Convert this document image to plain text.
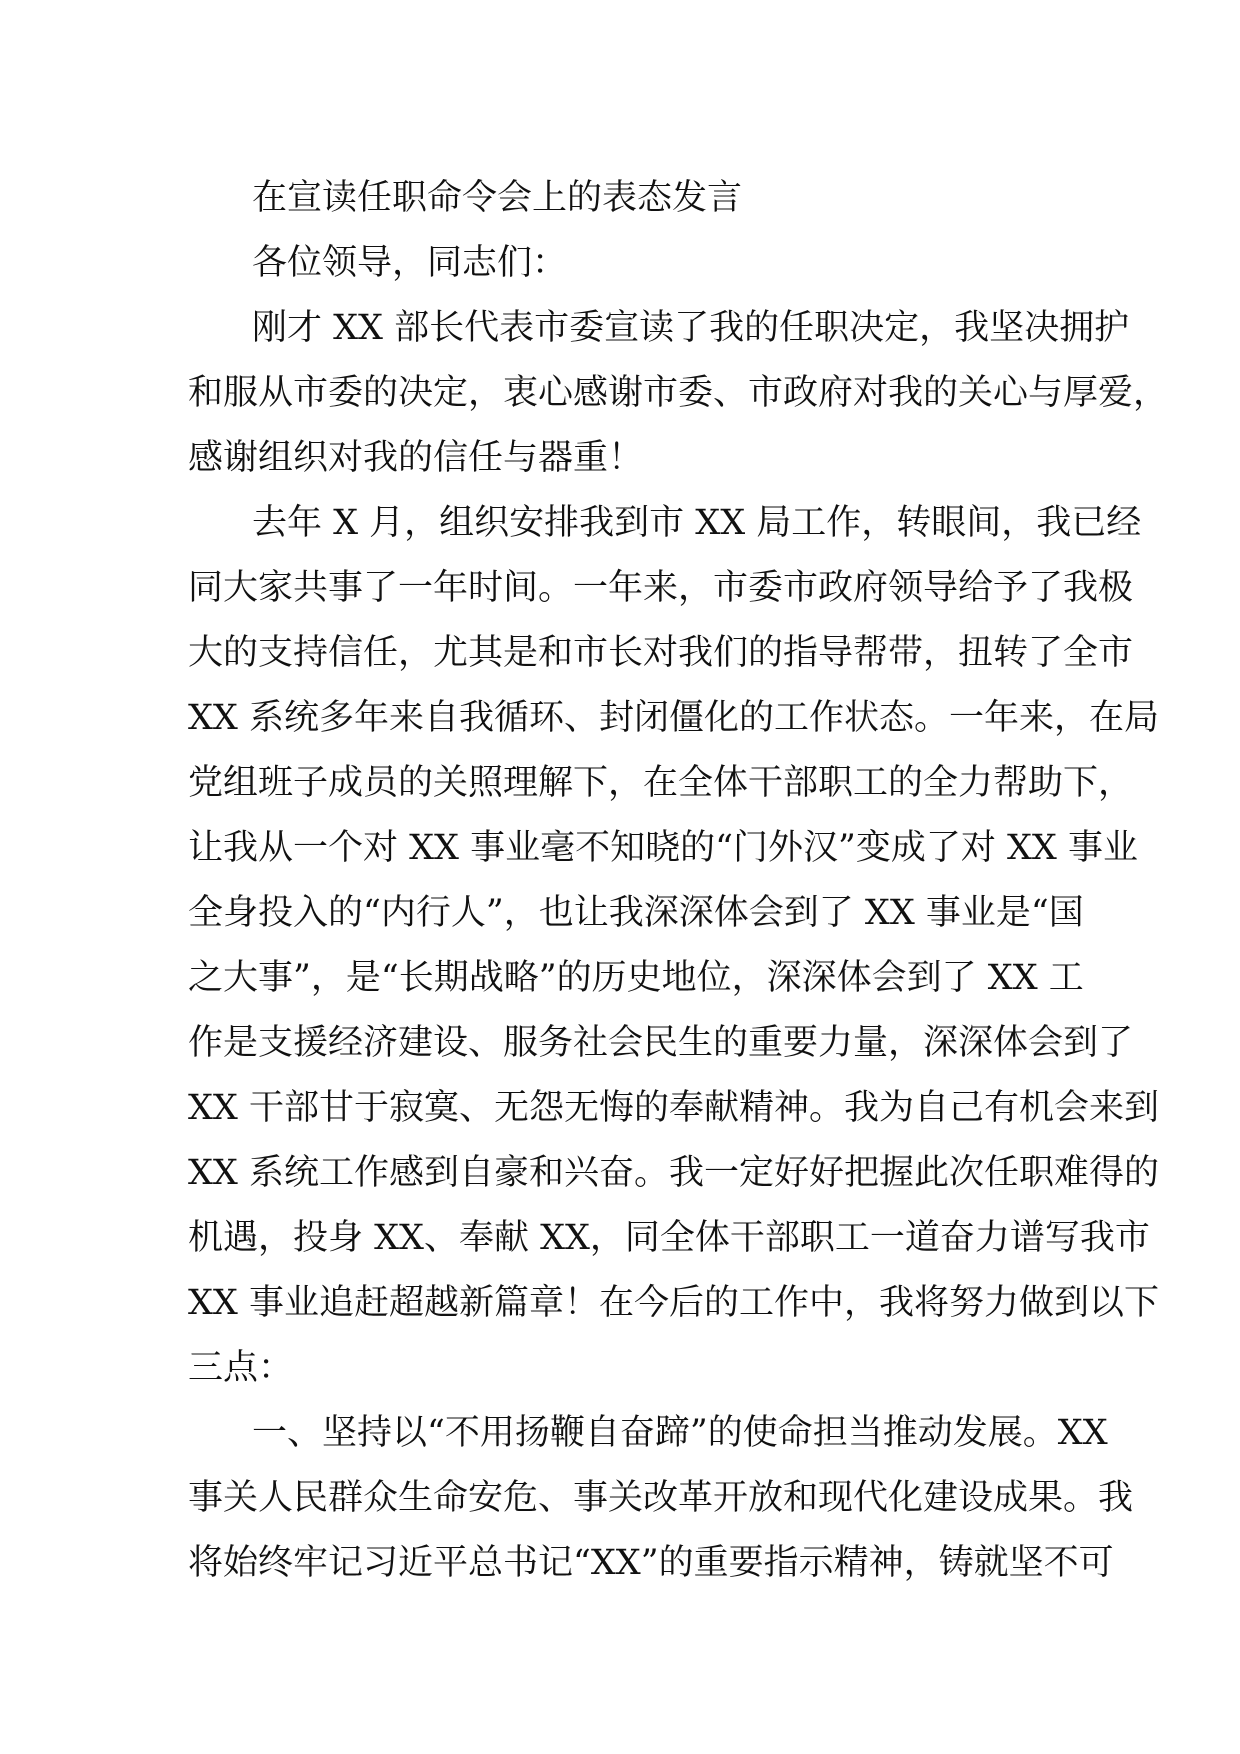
在宣读任职命令会上的表态发言
各位领导，同志们：
刚才 XX 部长代表市委宣读了我的任职决定，我坚决拥护
和服从市委的决定，衷心感谢市委、市政府对我的关心与厚爱，
感谢组织对我的信任与器重！
去年 X 月，组织安排我到市 XX 局工作，转眼间，我已经
同大家共事了一年时间。一年来，市委市政府领导给予了我极
大的支持信任，尤其是和市长对我们的指导帮带，扭转了全市
XX 系统多年来自我循环、封闭僵化的工作状态。一年来，在局
党组班子成员的关照理解下，在全体干部职工的全力帮助下，
让我从一个对 XX 事业毫不知晓的“门外汉”变成了对 XX 事业
全身投入的“内行人”，也让我深深体会到了 XX 事业是“国
之大事”，是“长期战略”的历史地位，深深体会到了 XX 工
作是支援经济建设、服务社会民生的重要力量，深深体会到了
XX 干部甘于寂寞、无怨无悔的奉献精神。我为自己有机会来到
XX 系统工作感到自豪和兴奋。我一定好好把握此次任职难得的
机遇，投身 XX、奉献 XX，同全体干部职工一道奋力谱写我市
XX 事业追赶超越新篇章！在今后的工作中，我将努力做到以下
三点：
一、坚持以“不用扬鞭自奋蹄”的使命担当推动发展。XX
事关人民群众生命安危、事关改革开放和现代化建设成果。我
将始终牢记习近平总书记“XX”的重要指示精神，铸就坚不可
